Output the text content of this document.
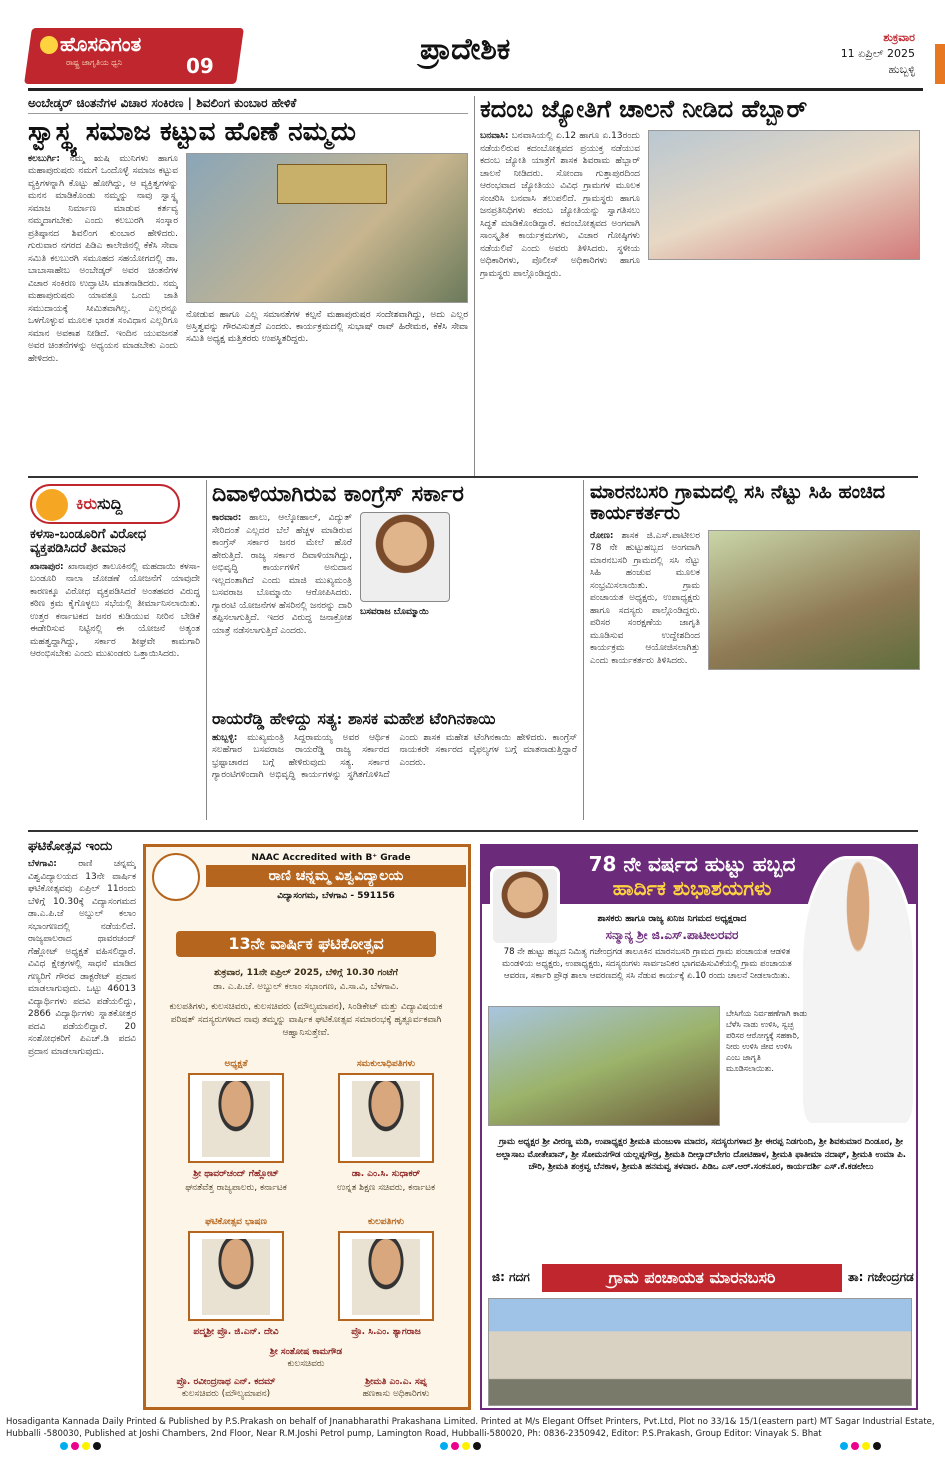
ಹೊಸದಿಗಂತ
ರಾಷ್ಟ್ರ ಜಾಗೃತಿಯ ಧ್ವನಿ	09	ಪ್ರಾದೇಶಿಕ	ಶುಕ್ರವಾರ
11 ಏಪ್ರಿಲ್ 2025
ಹುಬ್ಬಳ್ಳಿ
ಅಂಬೇಡ್ಕರ್ ಚಿಂತನೆಗಳ ವಿಚಾರ ಸಂಕಿರಣ | ಶಿವಲಿಂಗ ಕುಂಬಾರ ಹೇಳಿಕೆ
ಸ್ವಾಸ್ಥ್ಯ ಸಮಾಜ ಕಟ್ಟುವ ಹೊಣೆ ನಮ್ಮದು
ಕಲಬುರ್ಗಿ: ನಮ್ಮ ಋಷಿ ಮುನಿಗಳು ಹಾಗೂ ಮಹಾಪುರುಷರು ನಮಗೆ ಒಂದೊಳ್ಳೆ ಸಮಾಜ ಕಟ್ಟುವ ವ್ಯಕ್ತಿಗಳನ್ನಾಗಿ ಕೊಟ್ಟು ಹೋಗಿದ್ದು, ಆ ವ್ಯಕ್ತಿತ್ವಗಳನ್ನು ಮನನ ಮಾಡಿಕೊಂಡು ನಮ್ಮನ್ನು ನಾವು ಸ್ವಾಸ್ಥ್ಯ ಸಮಾಜ ನಿರ್ಮಾಣ ಮಾಡುವ ಕರ್ತವ್ಯ ನಮ್ಮದಾಗಬೇಕು ಎಂದು ಕಲಬುರಗಿ ಸಂಸ್ಕಾರ ಪ್ರತಿಷ್ಠಾನದ ಶಿವಲಿಂಗ ಕುಂಬಾರ ಹೇಳಿದರು. ಗುರುವಾರ ನಗರದ ಪಿಡಿಎ ಕಾಲೇಜಿನಲ್ಲಿ ಕೆಕೆಸಿ ಸೇವಾ ಸಮಿತಿ ಕಲಬುರಗಿ ಸಮೂಹದ ಸಹಯೋಗದಲ್ಲಿ ಡಾ. ಬಾಬಾಸಾಹೇಬ ಅಂಬೇಡ್ಕರ್ ಅವರ ಚಿಂತನೆಗಳ ವಿಚಾರ ಸಂಕಿರಣ ಉದ್ಘಾಟಿಸಿ ಮಾತನಾಡಿದರು. ನಮ್ಮ ಮಹಾಪುರುಷರು ಯಾವತ್ತೂ ಒಂದು ಜಾತಿ ಸಮುದಾಯಕ್ಕೆ ಸೀಮಿತವಾಗಿಲ್ಲ. ಎಲ್ಲರನ್ನೂ ಒಳಗೊಳ್ಳುವ ಮೂಲಕ ಭಾರತ ಸಂವಿಧಾನ ಎಲ್ಲರಿಗೂ ಸಮಾನ ಅವಕಾಶ ನೀಡಿದೆ. ಇಂದಿನ ಯುವಜನತೆ ಅವರ ಚಿಂತನೆಗಳನ್ನು ಅಧ್ಯಯನ ಮಾಡಬೇಕು ಎಂದು ಹೇಳಿದರು.
ನೋಡುವ ಹಾಗೂ ಎಲ್ಲ ಸಮಾನತೆಗಳ ಕಲ್ಪನೆ ಮಹಾಪುರುಷರ ಸಂದೇಶವಾಗಿದ್ದು, ಅದು ಎಲ್ಲರ ಅಸ್ತಿತ್ವವನ್ನು ಗೌರವಿಸುತ್ತದೆ ಎಂದರು. ಕಾರ್ಯಕ್ರಮದಲ್ಲಿ ಸುಭಾಷ್ ರಾವ್ ಹಿರೇಮಠ, ಕೆಕೆಸಿ ಸೇವಾ ಸಮಿತಿ ಅಧ್ಯಕ್ಷ ಮತ್ತಿತರರು ಉಪಸ್ಥಿತರಿದ್ದರು.
ಕದಂಬ ಜ್ಯೋತಿಗೆ ಚಾಲನೆ ನೀಡಿದ ಹೆಬ್ಬಾರ್
ಬನವಾಸಿ: ಬನವಾಸಿಯಲ್ಲಿ ಏ.12 ಹಾಗೂ ಏ.13ರಂದು ನಡೆಯಲಿರುವ ಕದಂಬೋತ್ಸವದ ಪ್ರಯುಕ್ತ ನಡೆಯುವ ಕದಂಬ ಜ್ಯೋತಿ ಯಾತ್ರೆಗೆ ಶಾಸಕ ಶಿವರಾಮ ಹೆಬ್ಬಾರ್ ಚಾಲನೆ ನೀಡಿದರು. ಸೋಂದಾ ಗುತ್ತಾಪುರದಿಂದ ಆರಂಭವಾದ ಜ್ಯೋತಿಯು ವಿವಿಧ ಗ್ರಾಮಗಳ ಮೂಲಕ ಸಂಚರಿಸಿ ಬನವಾಸಿ ತಲುಪಲಿದೆ. ಗ್ರಾಮಸ್ಥರು ಹಾಗೂ ಜನಪ್ರತಿನಿಧಿಗಳು ಕದಂಬ ಜ್ಯೋತಿಯನ್ನು ಸ್ವಾಗತಿಸಲು ಸಿದ್ಧತೆ ಮಾಡಿಕೊಂಡಿದ್ದಾರೆ. ಕದಂಬೋತ್ಸವದ ಅಂಗವಾಗಿ ಸಾಂಸ್ಕೃತಿಕ ಕಾರ್ಯಕ್ರಮಗಳು, ವಿಚಾರ ಗೋಷ್ಠಿಗಳು ನಡೆಯಲಿವೆ ಎಂದು ಅವರು ತಿಳಿಸಿದರು. ಸ್ಥಳೀಯ ಅಧಿಕಾರಿಗಳು, ಪೊಲೀಸ್ ಅಧಿಕಾರಿಗಳು ಹಾಗೂ ಗ್ರಾಮಸ್ಥರು ಪಾಲ್ಗೊಂಡಿದ್ದರು.
ಕಿರುಸುದ್ದಿ
ಕಳಸಾ-ಬಂಡೂರಿಗೆ ವಿರೋಧ ವ್ಯಕ್ತಪಡಿಸಿದರೆ ತೀಮಾನ
ಖಾನಾಪುರ: ಖಾನಾಪುರ ತಾಲೂಕಿನಲ್ಲಿ ಮಹದಾಯಿ ಕಳಸಾ-ಬಂಡೂರಿ ನಾಲಾ ಜೋಡಣೆ ಯೋಜನೆಗೆ ಯಾವುದೇ ಕಾರಣಕ್ಕೂ ವಿರೋಧ ವ್ಯಕ್ತಪಡಿಸಿದರೆ ಅಂತಹವರ ವಿರುದ್ಧ ಕಠಿಣ ಕ್ರಮ ಕೈಗೊಳ್ಳಲು ಸಭೆಯಲ್ಲಿ ತೀರ್ಮಾನಿಸಲಾಯಿತು. ಉತ್ತರ ಕರ್ನಾಟಕದ ಜನರ ಕುಡಿಯುವ ನೀರಿನ ಬೇಡಿಕೆ ಈಡೇರಿಸುವ ನಿಟ್ಟಿನಲ್ಲಿ ಈ ಯೋಜನೆ ಅತ್ಯಂತ ಮಹತ್ವದ್ದಾಗಿದ್ದು, ಸರ್ಕಾರ ಶೀಘ್ರವೇ ಕಾಮಗಾರಿ ಆರಂಭಿಸಬೇಕು ಎಂದು ಮುಖಂಡರು ಒತ್ತಾಯಿಸಿದರು.
ದಿವಾಳಿಯಾಗಿರುವ ಕಾಂಗ್ರೆಸ್ ಸರ್ಕಾರ
ಕಾರವಾರ: ಹಾಲು, ಆಲ್ಕೋಹಾಲ್, ವಿದ್ಯುತ್ ಸೇರಿದಂತೆ ಎಲ್ಲದರ ಬೆಲೆ ಹೆಚ್ಚಳ ಮಾಡಿರುವ ಕಾಂಗ್ರೆಸ್ ಸರ್ಕಾರ ಜನರ ಮೇಲೆ ಹೊರೆ ಹೇರುತ್ತಿದೆ. ರಾಜ್ಯ ಸರ್ಕಾರ ದಿವಾಳಿಯಾಗಿದ್ದು, ಅಭಿವೃದ್ಧಿ ಕಾರ್ಯಗಳಿಗೆ ಅನುದಾನ ಇಲ್ಲದಂತಾಗಿದೆ ಎಂದು ಮಾಜಿ ಮುಖ್ಯಮಂತ್ರಿ ಬಸವರಾಜ ಬೊಮ್ಮಾಯಿ ಆರೋಪಿಸಿದರು. ಗ್ಯಾರಂಟಿ ಯೋಜನೆಗಳ ಹೆಸರಿನಲ್ಲಿ ಜನರನ್ನು ದಾರಿ ತಪ್ಪಿಸಲಾಗುತ್ತಿದೆ. ಇದರ ವಿರುದ್ಧ ಜನಾಕ್ರೋಶ ಯಾತ್ರೆ ನಡೆಸಲಾಗುತ್ತಿದೆ ಎಂದರು.
ಬಸವರಾಜ ಬೊಮ್ಮಾಯಿ
ರಾಯರೆಡ್ಡಿ ಹೇಳಿದ್ದು ಸತ್ಯ: ಶಾಸಕ ಮಹೇಶ ಟೆಂಗಿನಕಾಯಿ
ಹುಬ್ಬಳ್ಳಿ: ಮುಖ್ಯಮಂತ್ರಿ ಸಿದ್ದರಾಮಯ್ಯ ಅವರ ಆರ್ಥಿಕ ಸಲಹೆಗಾರ ಬಸವರಾಜ ರಾಯರೆಡ್ಡಿ ರಾಜ್ಯ ಸರ್ಕಾರದ ಭ್ರಷ್ಟಾಚಾರದ ಬಗ್ಗೆ ಹೇಳಿರುವುದು ಸತ್ಯ. ಸರ್ಕಾರ ಗ್ಯಾರಂಟಿಗಳಿಂದಾಗಿ ಅಭಿವೃದ್ಧಿ ಕಾರ್ಯಗಳನ್ನು ಸ್ಥಗಿತಗೊಳಿಸಿದೆ ಎಂದು ಶಾಸಕ ಮಹೇಶ ಟೆಂಗಿನಕಾಯಿ ಹೇಳಿದರು. ಕಾಂಗ್ರೆಸ್ ನಾಯಕರೇ ಸರ್ಕಾರದ ವೈಫಲ್ಯಗಳ ಬಗ್ಗೆ ಮಾತನಾಡುತ್ತಿದ್ದಾರೆ ಎಂದರು.
ಮಾರನಬಸರಿ ಗ್ರಾಮದಲ್ಲಿ ಸಸಿ ನೆಟ್ಟು ಸಿಹಿ ಹಂಚಿದ ಕಾರ್ಯಕರ್ತರು
ರೋಣ: ಶಾಸಕ ಜಿ.ಎಸ್.ಪಾಟೀಲರ 78 ನೇ ಹುಟ್ಟುಹಬ್ಬದ ಅಂಗವಾಗಿ ಮಾರನಬಸರಿ ಗ್ರಾಮದಲ್ಲಿ ಸಸಿ ನೆಟ್ಟು ಸಿಹಿ ಹಂಚುವ ಮೂಲಕ ಸಂಭ್ರಮಿಸಲಾಯಿತು. ಗ್ರಾಮ ಪಂಚಾಯತ ಅಧ್ಯಕ್ಷರು, ಉಪಾಧ್ಯಕ್ಷರು ಹಾಗೂ ಸದಸ್ಯರು ಪಾಲ್ಗೊಂಡಿದ್ದರು. ಪರಿಸರ ಸಂರಕ್ಷಣೆಯ ಜಾಗೃತಿ ಮೂಡಿಸುವ ಉದ್ದೇಶದಿಂದ ಕಾರ್ಯಕ್ರಮ ಆಯೋಜಿಸಲಾಗಿತ್ತು ಎಂದು ಕಾರ್ಯಕರ್ತರು ತಿಳಿಸಿದರು.
ಘಟಿಕೋತ್ಸವ ಇಂದು
ಬೆಳಗಾವಿ: ರಾಣಿ ಚನ್ನಮ್ಮ ವಿಶ್ವವಿದ್ಯಾಲಯದ 13ನೇ ವಾರ್ಷಿಕ ಘಟಿಕೋತ್ಸವವು ಏಪ್ರಿಲ್ 11ರಂದು ಬೆಳಿಗ್ಗೆ 10.30ಕ್ಕೆ ವಿದ್ಯಾಸಂಗಮದ ಡಾ.ಎ.ಪಿ.ಜೆ ಅಬ್ದುಲ್ ಕಲಾಂ ಸಭಾಂಗಣದಲ್ಲಿ ನಡೆಯಲಿದೆ. ರಾಜ್ಯಪಾಲರಾದ ಥಾವರಚಂದ್ ಗೆಹ್ಲೋಟ್ ಅಧ್ಯಕ್ಷತೆ ವಹಿಸಲಿದ್ದಾರೆ. ವಿವಿಧ ಕ್ಷೇತ್ರಗಳಲ್ಲಿ ಸಾಧನೆ ಮಾಡಿದ ಗಣ್ಯರಿಗೆ ಗೌರವ ಡಾಕ್ಟರೇಟ್ ಪ್ರದಾನ ಮಾಡಲಾಗುವುದು. ಒಟ್ಟು 46013 ವಿದ್ಯಾರ್ಥಿಗಳು ಪದವಿ ಪಡೆಯಲಿದ್ದು, 2866 ವಿದ್ಯಾರ್ಥಿಗಳು ಸ್ನಾತಕೋತ್ತರ ಪದವಿ ಪಡೆಯಲಿದ್ದಾರೆ. 20 ಸಂಶೋಧಕರಿಗೆ ಪಿಎಚ್.ಡಿ ಪದವಿ ಪ್ರದಾನ ಮಾಡಲಾಗುವುದು.
NAAC Accredited with B⁺ Grade
ರಾಣಿ ಚನ್ನಮ್ಮ ವಿಶ್ವವಿದ್ಯಾಲಯ
ವಿದ್ಯಾಸಂಗಮ, ಬೆಳಗಾವಿ - 591156
13ನೇ ವಾರ್ಷಿಕ ಘಟಿಕೋತ್ಸವ
ಶುಕ್ರವಾರ, 11ನೇ ಏಪ್ರಿಲ್ 2025, ಬೆಳಿಗ್ಗೆ 10.30 ಗಂಟೆಗೆ
ಡಾ. ಎ.ಪಿ.ಜೆ. ಅಬ್ದುಲ್ ಕಲಾಂ ಸಭಾಂಗಣ, ವಿ.ಸಾ.ವಿ, ಬೆಳಗಾವಿ.
ಕುಲಪತಿಗಳು, ಕುಲಸಚಿವರು, ಕುಲಸಚಿವರು (ಮೌಲ್ಯಮಾಪನ), ಸಿಂಡಿಕೇಟ್ ಮತ್ತು ವಿದ್ಯಾವಿಷಯಕ ಪರಿಷತ್ ಸದಸ್ಯರುಗಳಾದ ನಾವು ತಮ್ಮನ್ನು ವಾರ್ಷಿಕ ಘಟಿಕೋತ್ಸವ ಸಮಾರಂಭಕ್ಕೆ ಹೃತ್ಪೂರ್ವಕವಾಗಿ ಆಹ್ವಾನಿಸುತ್ತೇವೆ.
ಅಧ್ಯಕ್ಷತೆ	ಸಮಕುಲಾಧಿಪತಿಗಳು
ಶ್ರೀ ಥಾವರ್‌ಚಂದ್ ಗೆಹ್ಲೋಟ್
ಘನತೆವೆತ್ತ ರಾಜ್ಯಪಾಲರು, ಕರ್ನಾಟಕ
ಡಾ. ಎಂ.ಸಿ. ಸುಧಾಕರ್
ಉನ್ನತ ಶಿಕ್ಷಣ ಸಚಿವರು, ಕರ್ನಾಟಕ
ಘಟಿಕೋತ್ಸವ ಭಾಷಣ	ಕುಲಪತಿಗಳು
ಪದ್ಮಶ್ರೀ ಪ್ರೊ. ಜಿ.ಎನ್. ದೇವಿ	ಪ್ರೊ. ಸಿ.ಎಂ. ತ್ಯಾಗರಾಜ
ಶ್ರೀ ಸಂತೋಷ ಕಾಮಗೌಡ
ಕುಲಸಚಿವರು
ಪ್ರೊ. ರವೀಂದ್ರನಾಥ ಎನ್. ಕದಮ್
ಕುಲಸಚಿವರು (ಮೌಲ್ಯಮಾಪನ)
ಶ್ರೀಮತಿ ಎಂ.ಎ. ಸಪ್ನ
ಹಣಕಾಸು ಅಧಿಕಾರಿಗಳು
78 ನೇ ವರ್ಷದ ಹುಟ್ಟು ಹಬ್ಬದ
ಹಾರ್ದಿಕ ಶುಭಾಶಯಗಳು
ಶಾಸಕರು ಹಾಗೂ ರಾಜ್ಯ ಖನಿಜ ನಿಗಮದ ಅಧ್ಯಕ್ಷರಾದ
ಸನ್ಮಾನ್ಯ ಶ್ರೀ ಜಿ.ಎಸ್.ಪಾಟೀಲರವರ
78 ನೇ ಹುಟ್ಟು ಹಬ್ಬದ ನಿಮಿತ್ಯ ಗಜೇಂದ್ರಗಡ ತಾಲೂಕಿನ ಮಾರನಬಸರಿ ಗ್ರಾಮದ ಗ್ರಾಮ ಪಂಚಾಯತ ಆಡಳಿತ ಮಂಡಳಿಯ ಅಧ್ಯಕ್ಷರು, ಉಪಾಧ್ಯಕ್ಷರು, ಸದಸ್ಯರುಗಳು ಸಾರ್ವಜನಿಕರ ಭಾಗವಹಿಸುವಿಕೆಯಲ್ಲಿ ಗ್ರಾಮ ಪಂಚಾಯತ ಆವರಣ, ಸರ್ಕಾರಿ ಪ್ರೌಢ ಶಾಲಾ ಆವರಣದಲ್ಲಿ ಸಸಿ ನೆಡುವ ಕಾರ್ಯಕ್ಕೆ ಏ.10 ರಂದು ಚಾಲನೆ ನೀಡಲಾಯಿತು.
ಬೇಸಿಗೆಯ ನಿರ್ವಹಣೆಗಾಗಿ ಕಾಡು ಬೆಳೆಸಿ ನಾಡು ಉಳಿಸಿ, ಸ್ವಚ್ಛ ಪರಿಸರ ಆರೋಗ್ಯಕ್ಕೆ ಸಹಕಾರಿ, ನೀರು ಉಳಿಸಿ ಜೀವ ಉಳಿಸಿ ಎಂಬ ಜಾಗೃತಿ ಮೂಡಿಸಲಾಯಿತು.
ಗ್ರಾಮ ಅಧ್ಯಕ್ಷರ ಶ್ರೀ ವೀರಣ್ಣ ಮಡಿ, ಉಪಾಧ್ಯಕ್ಷರ ಶ್ರೀಮತಿ ಮಂಜುಳಾ ಮಾದರ, ಸದಸ್ಯರುಗಳಾದ ಶ್ರೀ ಈರಪ್ಪ ನಿಡಗುಂದಿ, ಶ್ರೀ ಶಿವಕುಮಾರ ದಿಂಡೂರ, ಶ್ರೀ ಅಲ್ಲಾಸಾಬ ಮೋತೇಖಾನ್, ಶ್ರೀ ಸೋಮನಗೌಡ ಯಲ್ಲಪ್ಪಗೌಡ್ರ, ಶ್ರೀಮತಿ ದೀಲ್ಸಾದ್‌ಬೇಗಂ ದೋಟಿಹಾಳ, ಶ್ರೀಮತಿ ಫಾತೀಮಾ ನದಾಫ್, ಶ್ರೀಮತಿ ಉಮಾ ಪಿ. ಚೌರಿ, ಶ್ರೀಮತಿ ಶಂಕ್ರವ್ವ ಬೆನಕಾಳ, ಶ್ರೀಮತಿ ಹನಮವ್ವ ತಳವಾರ. ಪಿಡಿಒ ಎಸ್.ಆರ್.ಸಂಕನೂರ, ಕಾರ್ಯದರ್ಶಿ ಎಸ್.ಕೆ.ಕಡಲೇಲು
ಜಿ: ಗದಗ	ಗ್ರಾಮ ಪಂಚಾಯತ ಮಾರನಬಸರಿ	ತಾ: ಗಜೇಂದ್ರಗಡ
Hosadiganta Kannada Daily Printed & Published by P.S.Prakash on behalf of Jnanabharathi Prakashana Limited. Printed at M/s Elegant Offset Printers, Pvt.Ltd, Plot no 33/1& 15/1(eastern part) MT Sagar Industrial Estate,
Hubballi -580030, Published at Joshi Chambers, 2nd Floor, Near R.M.Joshi Petrol pump, Lamington Road, Hubballi-580020, Ph: 0836-2350942, Editor: P.S.Prakash, Group Editor: Vinayak S. Bhat
